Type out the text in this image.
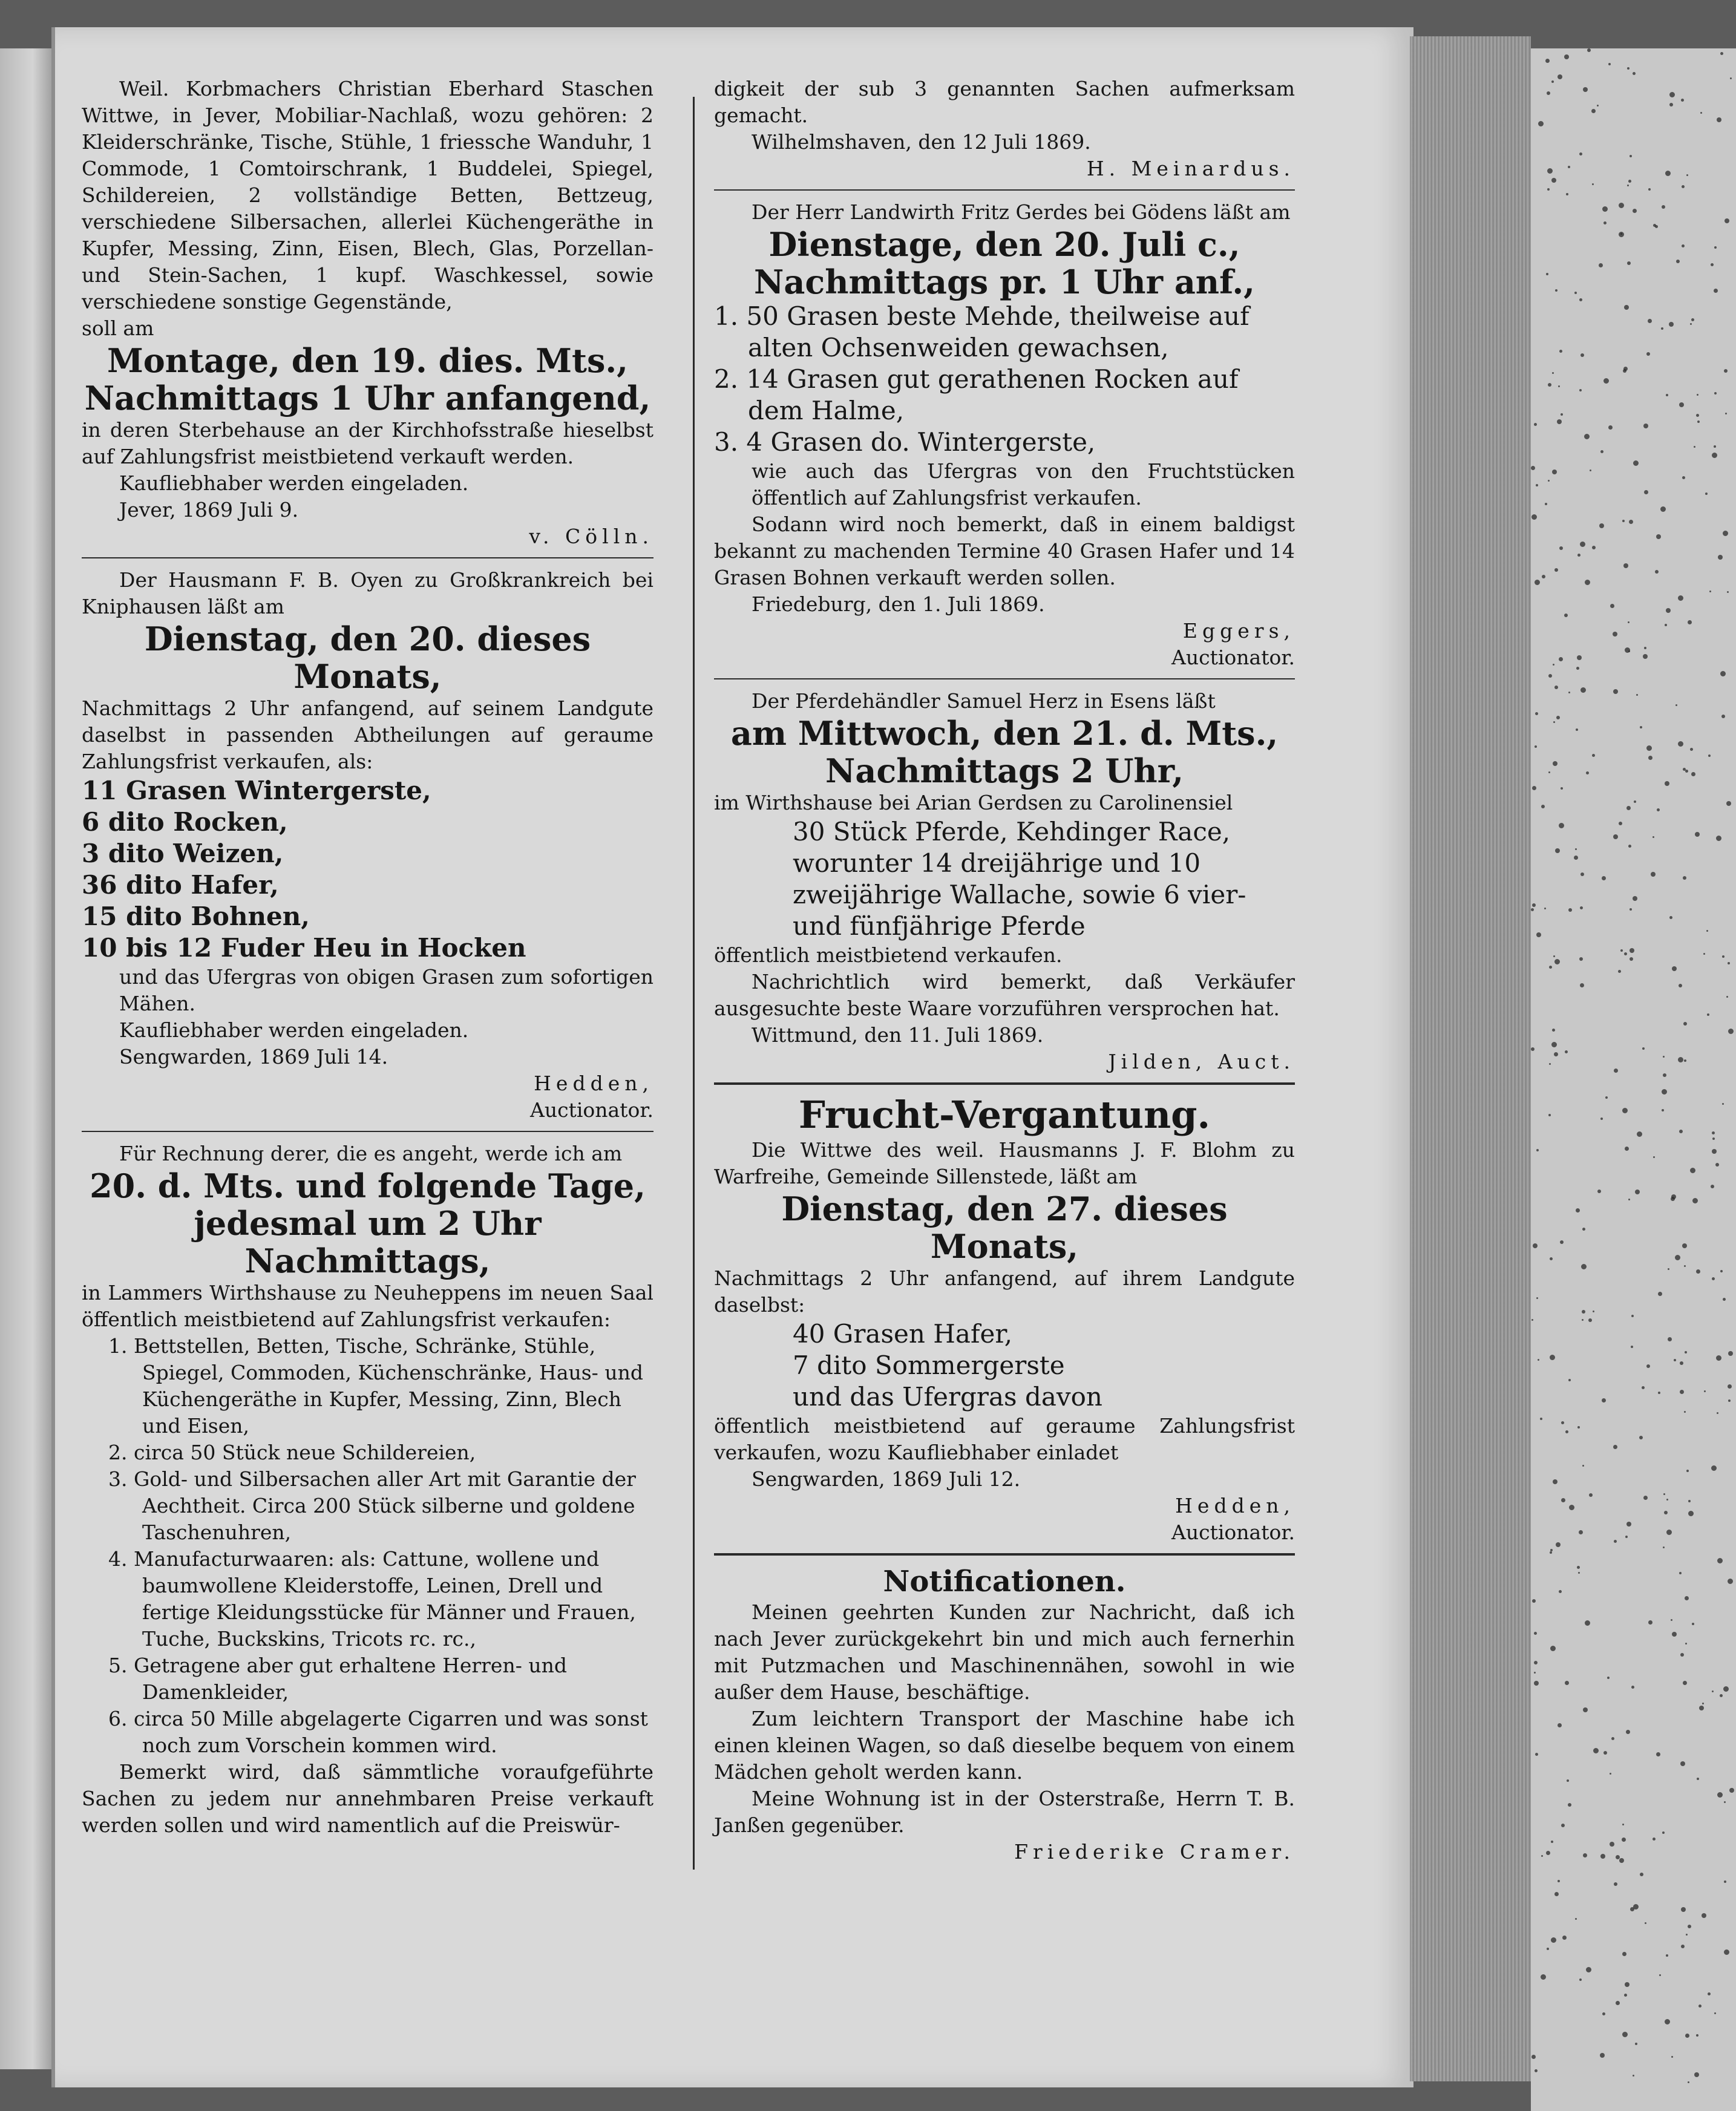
Weil. Korbmachers Christian Eberhard Staschen Wittwe, in Jever, Mobiliar-Nachlaß, wozu gehören: 2 Kleiderschränke, Tische, Stühle, 1 friessche Wanduhr, 1 Commode, 1 Comtoirschrank, 1 Buddelei, Spiegel, Schildereien, 2 vollständige Betten, Bettzeug, verschiedene Silbersachen, allerlei Küchengeräthe in Kupfer, Messing, Zinn, Eisen, Blech, Glas, Porzellan- und Stein-Sachen, 1 kupf. Waschkessel, sowie verschiedene sonstige Gegenstände,

soll am

Montage, den 19. dies. Mts.,

Nachmittags 1 Uhr anfangend,

in deren Sterbehause an der Kirchhofsstraße hieselbst auf Zahlungsfrist meistbietend verkauft werden.

Kaufliebhaber werden eingeladen.

Jever, 1869 Juli 9.

v. Cölln.

Der Hausmann F. B. Oyen zu Großkrankreich bei Kniphausen läßt am

Dienstag, den 20. dieses Monats,

Nachmittags 2 Uhr anfangend, auf seinem Landgute daselbst in passenden Abtheilungen auf geraume Zahlungsfrist verkaufen, als:

11 Grasen Wintergerste,

6 dito Rocken,

3 dito Weizen,

36 dito Hafer,

15 dito Bohnen,

10 bis 12 Fuder Heu in Hocken

und das Ufergras von obigen Grasen zum sofortigen Mähen.

Kaufliebhaber werden eingeladen.

Sengwarden, 1869 Juli 14.

Hedden,

Auctionator.

Für Rechnung derer, die es angeht, werde ich am

20. d. Mts. und folgende Tage,

jedesmal um 2 Uhr Nachmittags,

in Lammers Wirthshause zu Neuheppens im neuen Saal öffentlich meistbietend auf Zahlungsfrist verkaufen:

1. Bettstellen, Betten, Tische, Schränke, Stühle, Spiegel, Commoden, Küchenschränke, Haus- und Küchengeräthe in Kupfer, Messing, Zinn, Blech und Eisen,

2. circa 50 Stück neue Schildereien,

3. Gold- und Silbersachen aller Art mit Garantie der Aechtheit. Circa 200 Stück silberne und goldene Taschenuhren,

4. Manufacturwaaren: als: Cattune, wollene und baumwollene Kleiderstoffe, Leinen, Drell und fertige Kleidungsstücke für Männer und Frauen, Tuche, Buckskins, Tricots rc. rc.,

5. Getragene aber gut erhaltene Herren- und Damenkleider,

6. circa 50 Mille abgelagerte Cigarren und was sonst noch zum Vorschein kommen wird.

Bemerkt wird, daß sämmtliche voraufgeführte Sachen zu jedem nur annehmbaren Preise verkauft werden sollen und wird namentlich auf die Preiswür-

digkeit der sub 3 genannten Sachen aufmerksam gemacht.

Wilhelmshaven, den 12 Juli 1869.

H. Meinardus.

Der Herr Landwirth Fritz Gerdes bei Gödens läßt am

Dienstage, den 20. Juli c.,

Nachmittags pr. 1 Uhr anf.,

1. 50 Grasen beste Mehde, theilweise auf alten Ochsenweiden gewachsen,

2. 14 Grasen gut gerathenen Rocken auf dem Halme,

3. 4 Grasen do. Wintergerste,

wie auch das Ufergras von den Fruchtstücken öffentlich auf Zahlungsfrist verkaufen.

Sodann wird noch bemerkt, daß in einem baldigst bekannt zu machenden Termine 40 Grasen Hafer und 14 Grasen Bohnen verkauft werden sollen.

Friedeburg, den 1. Juli 1869.

Eggers,

Auctionator.

Der Pferdehändler Samuel Herz in Esens läßt

am Mittwoch, den 21. d. Mts.,

Nachmittags 2 Uhr,

im Wirthshause bei Arian Gerdsen zu Carolinensiel

30 Stück Pferde, Kehdinger Race, worunter 14 dreijährige und 10 zweijährige Wallache, sowie 6 vier- und fünfjährige Pferde

öffentlich meistbietend verkaufen.

Nachrichtlich wird bemerkt, daß Verkäufer ausgesuchte beste Waare vorzuführen versprochen hat.

Wittmund, den 11. Juli 1869.

Jilden, Auct.

Frucht-Vergantung.

Die Wittwe des weil. Hausmanns J. F. Blohm zu Warfreihe, Gemeinde Sillenstede, läßt am

Dienstag, den 27. dieses Monats,

Nachmittags 2 Uhr anfangend, auf ihrem Landgute daselbst:

40 Grasen Hafer,

7 dito Sommergerste

und das Ufergras davon

öffentlich meistbietend auf geraume Zahlungsfrist verkaufen, wozu Kaufliebhaber einladet

Sengwarden, 1869 Juli 12.

Hedden,

Auctionator.

Notificationen.

Meinen geehrten Kunden zur Nachricht, daß ich nach Jever zurückgekehrt bin und mich auch fernerhin mit Putzmachen und Maschinennähen, sowohl in wie außer dem Hause, beschäftige.

Zum leichtern Transport der Maschine habe ich einen kleinen Wagen, so daß dieselbe bequem von einem Mädchen geholt werden kann.

Meine Wohnung ist in der Osterstraße, Herrn T. B. Janßen gegenüber.

Friederike Cramer.
